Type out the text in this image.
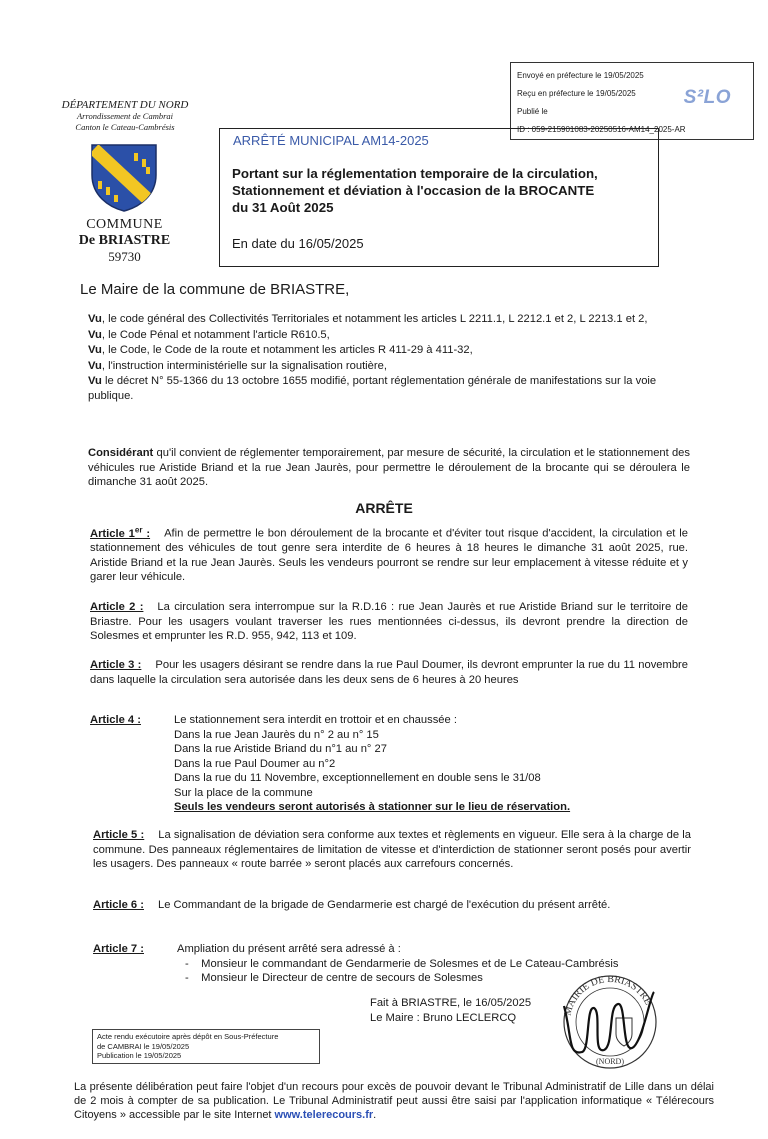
Envoyé en préfecture le 19/05/2025
Reçu en préfecture le 19/05/2025
Publié le
ID : 059-215901083-20250516-AM14_2025-AR
S²LO
DÉPARTEMENT DU NORD
Arrondissement de Cambrai
Canton le Cateau-Cambrésis
COMMUNE
De BRIASTRE
59730
ARRÊTÉ MUNICIPAL AM14-2025
Portant sur la réglementation temporaire de la circulation,
Stationnement et déviation à l'occasion de la BROCANTE
du 31 Août 2025
En date du 16/05/2025
Le Maire de la commune de BRIASTRE,

Vu, le code général des Collectivités Territoriales et notamment les articles L 2211.1, L 2212.1 et 2, L 2213.1 et 2,

Vu, le Code Pénal et notamment l'article R610.5,

Vu, le Code, le Code de la route et notamment les articles R 411-29 à 411-32,

Vu, l'instruction interministérielle sur la signalisation routière,

Vu le décret N° 55-1366 du 13 octobre 1655 modifié, portant réglementation générale de manifestations sur la voie publique.

Considérant qu'il convient de réglementer temporairement, par mesure de sécurité, la circulation et le stationnement des véhicules rue Aristide Briand et la rue Jean Jaurès, pour permettre le déroulement de la brocante qui se déroulera le dimanche 31 août 2025.
ARRÊTE
Article 1er : Afin de permettre le bon déroulement de la brocante et d'éviter tout risque d'accident, la circulation et le stationnement des véhicules de tout genre sera interdite de 6 heures à 18 heures le dimanche 31 août 2025, rue. Aristide Briand et la rue Jean Jaurès. Seuls les vendeurs pourront se rendre sur leur emplacement à vitesse réduite et y garer leur véhicule.
Article 2 : La circulation sera interrompue sur la R.D.16 : rue Jean Jaurès et rue Aristide Briand sur le territoire de Briastre. Pour les usagers voulant traverser les rues mentionnées ci-dessus, ils devront prendre la direction de Solesmes et emprunter les R.D. 955, 942, 113 et 109.
Article 3 : Pour les usagers désirant se rendre dans la rue Paul Doumer, ils devront emprunter la rue du 11 novembre dans laquelle la circulation sera autorisée dans les deux sens de 6 heures à 20 heures
Article 4 :	Le stationnement sera interdit en trottoir et en chaussée :
Dans la rue Jean Jaurès du n° 2 au n° 15
Dans la rue Aristide Briand du n°1 au n° 27
Dans la rue Paul Doumer au n°2
Dans la rue du 11 Novembre, exceptionnellement en double sens le 31/08
Sur la place de la commune
Seuls les vendeurs seront autorisés à stationner sur le lieu de réservation.
Article 5 : La signalisation de déviation sera conforme aux textes et règlements en vigueur. Elle sera à la charge de la commune. Des panneaux réglementaires de limitation de vitesse et d'interdiction de stationner seront posés pour avertir les usagers. Des panneaux « route barrée » seront placés aux carrefours concernés.
Article 6 : Le Commandant de la brigade de Gendarmerie est chargé de l'exécution du présent arrêté.
Article 7 :	Ampliation du présent arrêté sera adressé à :
-    Monsieur le commandant de Gendarmerie de Solesmes et de Le Cateau-Cambrésis
-    Monsieur le Directeur de centre de secours de Solesmes
Fait à BRIASTRE, le 16/05/2025
Le Maire : Bruno LECLERCQ
MAIRIE DE BRIASTRE
(NORD)
Acte rendu exécutoire après dépôt en Sous-Préfecture
de CAMBRAI le 19/05/2025
Publication le 19/05/2025
La présente délibération peut faire l'objet d'un recours pour excès de pouvoir devant le Tribunal Administratif de Lille dans un délai de 2 mois à compter de sa publication. Le Tribunal Administratif peut aussi être saisi par l'application informatique « Télérecours Citoyens » accessible par le site Internet www.telerecours.fr.
